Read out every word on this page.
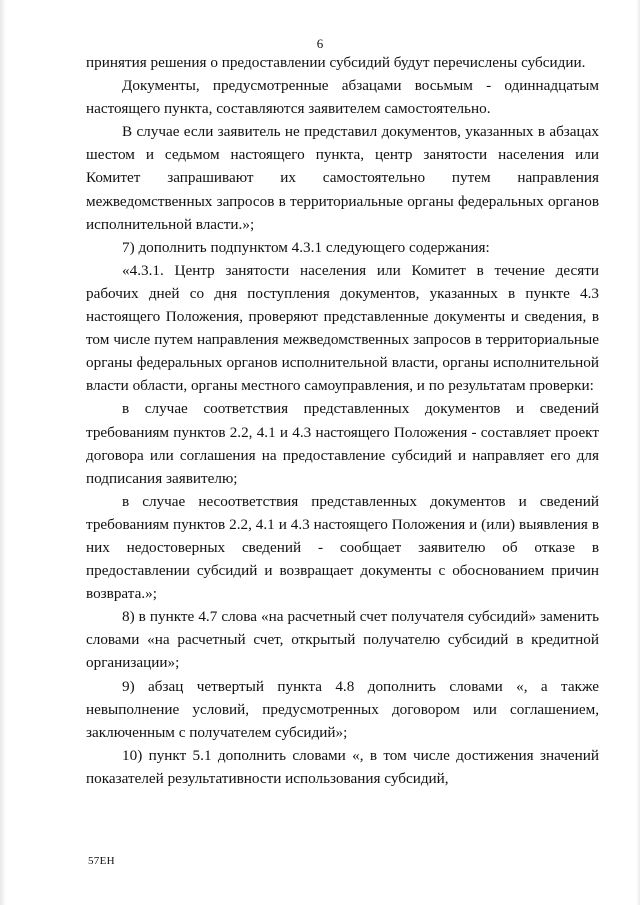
6

принятия решения о предоставлении субсидий будут перечислены субсидии.

Документы, предусмотренные абзацами восьмым - одиннадцатым настоящего пункта, составляются заявителем самостоятельно.

В случае если заявитель не представил документов, указанных в абзацах шестом и седьмом настоящего пункта, центр занятости населения или Комитет запрашивают их самостоятельно путем направления межведомственных запросов в территориальные органы федеральных органов исполнительной власти.»;

7) дополнить подпунктом 4.3.1 следующего содержания:

«4.3.1. Центр занятости населения или Комитет в течение десяти рабочих дней со дня поступления документов, указанных в пункте 4.3 настоящего Положения, проверяют представленные документы и сведения, в том числе путем направления межведомственных запросов в территориальные органы федеральных органов исполнительной власти, органы исполнительной власти области, органы местного самоуправления, и по результатам проверки:

в случае соответствия представленных документов и сведений требованиям пунктов 2.2, 4.1 и 4.3 настоящего Положения - составляет проект договора или соглашения на предоставление субсидий и направляет его для подписания заявителю;

в случае несоответствия представленных документов и сведений требованиям пунктов 2.2, 4.1 и 4.3 настоящего Положения и (или) выявления в них недостоверных сведений - сообщает заявителю об отказе в предоставлении субсидий и возвращает документы с обоснованием причин возврата.»;

8) в пункте 4.7 слова «на расчетный счет получателя субсидий» заменить словами «на расчетный счет, открытый получателю субсидий в кредитной организации»;

9) абзац четвертый пункта 4.8 дополнить словами «, а также невыполнение условий, предусмотренных договором или соглашением, заключенным с получателем субсидий»;

10) пункт 5.1 дополнить словами «, в том числе достижения значений показателей результативности использования субсидий,

57ЕН
